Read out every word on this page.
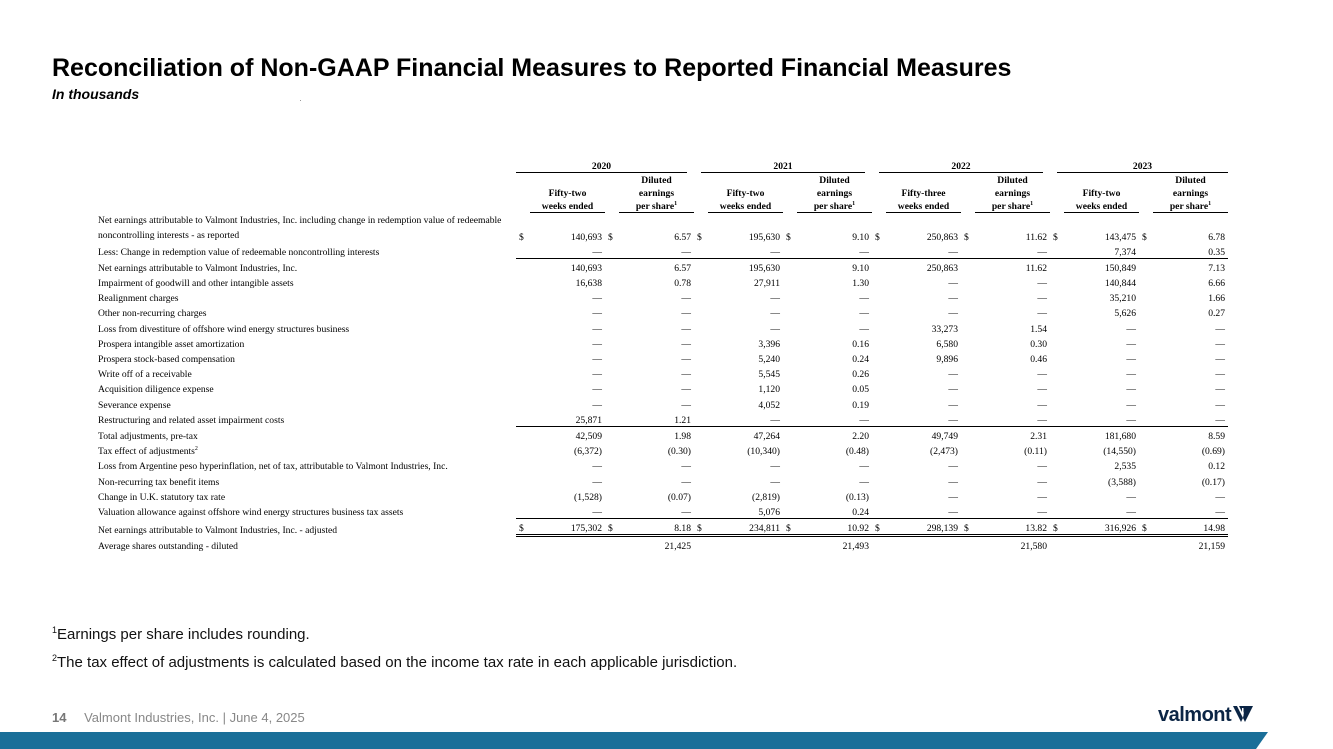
Reconciliation of Non-GAAP Financial Measures to Reported Financial Measures
In thousands
	2020				2021				2022				2023			
				Diluted				Diluted				Diluted				Diluted
		Fifty-two		earnings		Fifty-two		earnings		Fifty-three		earnings		Fifty-two		earnings
		weeks ended		per share$^1$		weeks ended		per share$^1$		weeks ended		per share$^1$		weeks ended		per share$^1$
Net earnings attributable to Valmont Industries, Inc. including change in redemption value of redeemable noncontrolling interests - as reported	$	140,693	$	6.57	$	195,630	$	9.10	$	250,863	$	11.62	$	143,475	$	6.78
Less: Change in redemption value of redeemable noncontrolling interests		—		—		—		—		—		—		7,374		0.35
Net earnings attributable to Valmont Industries, Inc.		140,693		6.57		195,630		9.10		250,863		11.62		150,849		7.13
Impairment of goodwill and other intangible assets		16,638		0.78		27,911		1.30		—		—		140,844		6.66
Realignment charges		—		—		—		—		—		—		35,210		1.66
Other non-recurring charges		—		—		—		—		—		—		5,626		0.27
Loss from divestiture of offshore wind energy structures business		—		—		—		—		33,273		1.54		—		—
Prospera intangible asset amortization		—		—		3,396		0.16		6,580		0.30		—		—
Prospera stock-based compensation		—		—		5,240		0.24		9,896		0.46		—		—
Write off of a receivable		—		—		5,545		0.26		—		—		—		—
Acquisition diligence expense		—		—		1,120		0.05		—		—		—		—
Severance expense		—		—		4,052		0.19		—		—		—		—
Restructuring and related asset impairment costs		25,871		1.21		—		—		—		—		—		—
Total adjustments, pre-tax		42,509		1.98		47,264		2.20		49,749		2.31		181,680		8.59
Tax effect of adjustments$^2$		(6,372)		(0.30)		(10,340)		(0.48)		(2,473)		(0.11)		(14,550)		(0.69)
Loss from Argentine peso hyperinflation, net of tax, attributable to Valmont Industries, Inc.		—		—		—		—		—		—		2,535		0.12
Non-recurring tax benefit items		—		—		—		—		—		—		(3,588)		(0.17)
Change in U.K. statutory tax rate		(1,528)		(0.07)		(2,819)		(0.13)		—		—		—		—
Valuation allowance against offshore wind energy structures business tax assets		—		—		5,076		0.24		—		—		—		—
Net earnings attributable to Valmont Industries, Inc. - adjusted	$	175,302	$	8.18	$	234,811	$	10.92	$	298,139	$	13.82	$	316,926	$	14.98
Average shares outstanding - diluted				21,425				21,493				21,580				21,159
$^1$Earnings per share includes rounding.
$^2$The tax effect of adjustments is calculated based on the income tax rate in each applicable jurisdiction.
14 Valmont Industries, Inc. | June 4, 2025	valmont
